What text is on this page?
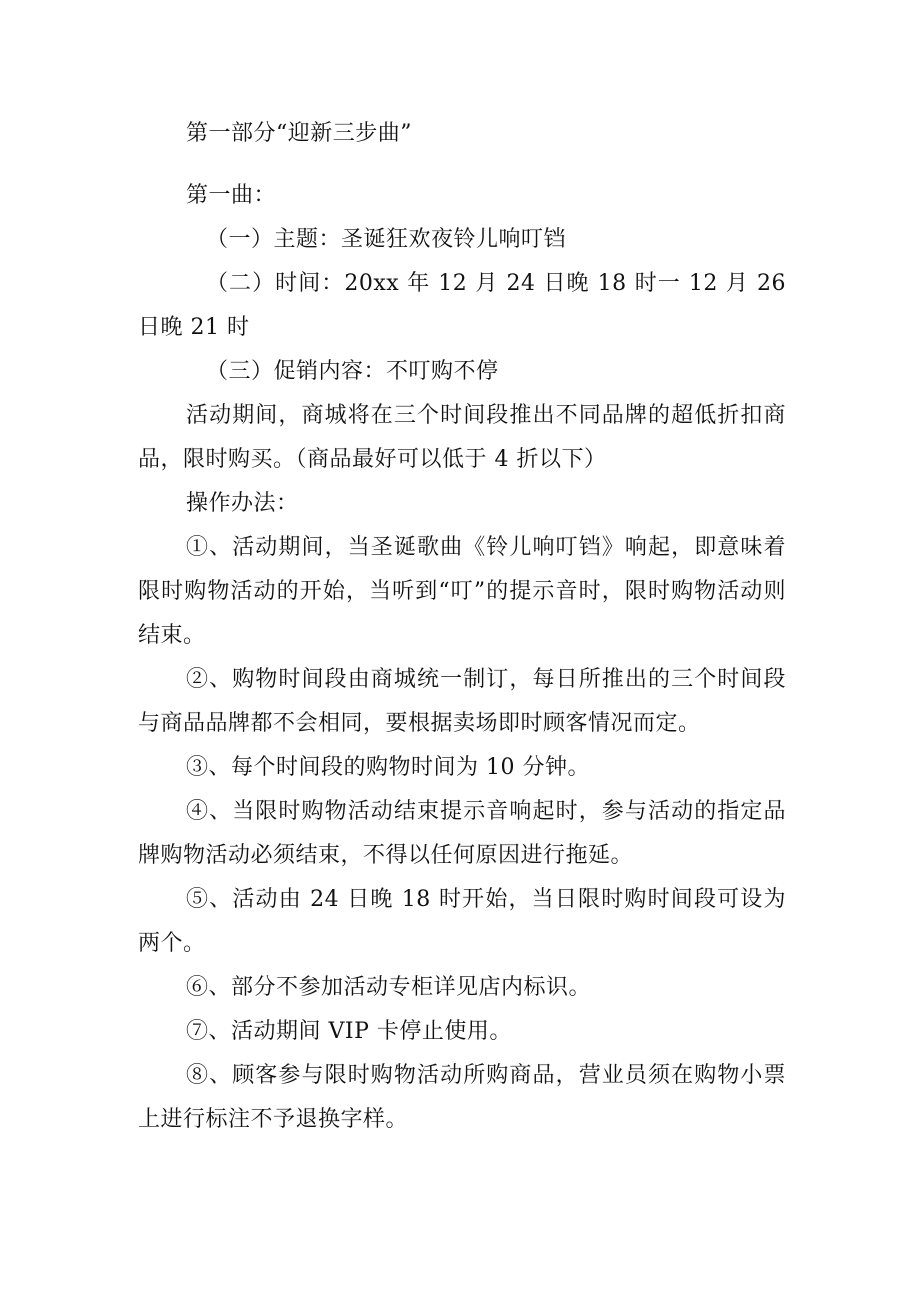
第一部分“迎新三步曲”

第一曲：

（一）主题：圣诞狂欢夜铃儿响叮铛

（二）时间：20xx 年 12 月 24 日晚 18 时一 12 月 26 日晚 21 时

（三）促销内容：不叮购不停

活动期间，商城将在三个时间段推出不同品牌的超低折扣商品，限时购买。（商品最好可以低于 4 折以下）

操作办法：

①、活动期间，当圣诞歌曲《铃儿响叮铛》响起，即意味着限时购物活动的开始，当听到“叮”的提示音时，限时购物活动则结束。

②、购物时间段由商城统一制订，每日所推出的三个时间段与商品品牌都不会相同，要根据卖场即时顾客情况而定。

③、每个时间段的购物时间为 10 分钟。

④、当限时购物活动结束提示音响起时，参与活动的指定品牌购物活动必须结束，不得以任何原因进行拖延。

⑤、活动由 24 日晚 18 时开始，当日限时购时间段可设为两个。

⑥、部分不参加活动专柜详见店内标识。

⑦、活动期间 VIP 卡停止使用。

⑧、顾客参与限时购物活动所购商品，营业员须在购物小票上进行标注不予退换字样。
